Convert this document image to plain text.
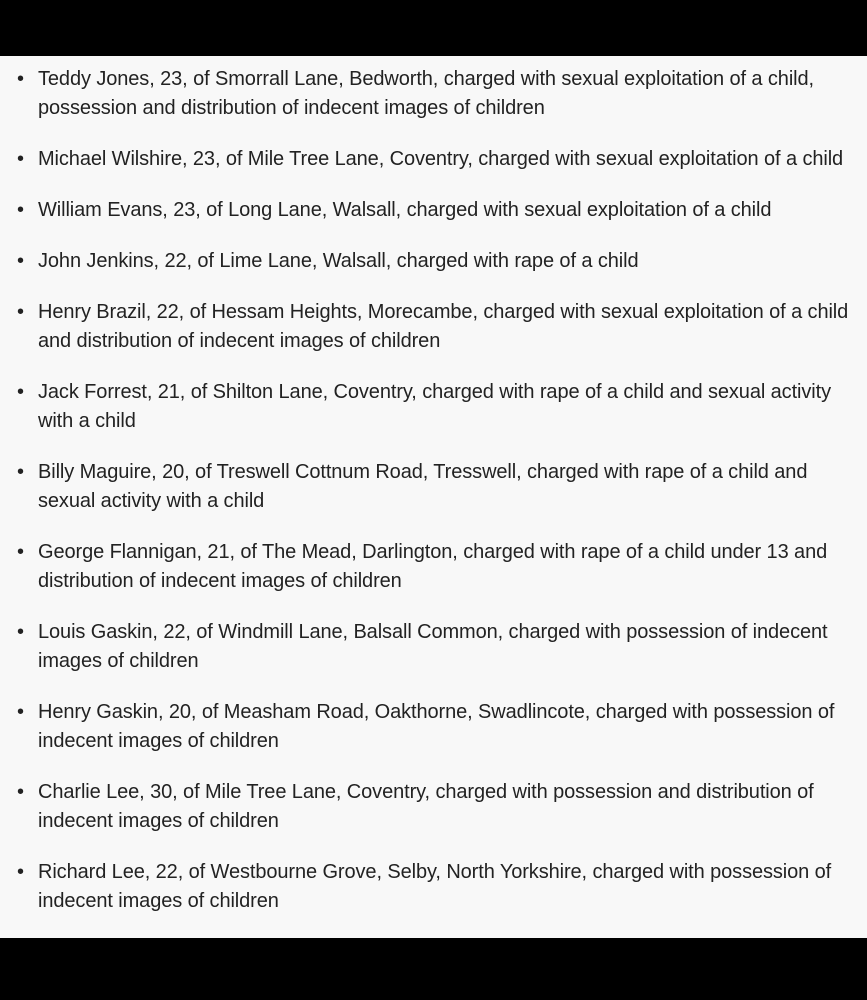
• Teddy Jones, 23, of Smorrall Lane, Bedworth, charged with sexual exploitation of a child, possession and distribution of indecent images of children
• Michael Wilshire, 23, of Mile Tree Lane, Coventry, charged with sexual exploitation of a child
• William Evans, 23, of Long Lane, Walsall, charged with sexual exploitation of a child
• John Jenkins, 22, of Lime Lane, Walsall, charged with rape of a child
• Henry Brazil, 22, of Hessam Heights, Morecambe, charged with sexual exploitation of a child and distribution of indecent images of children
• Jack Forrest, 21, of Shilton Lane, Coventry, charged with rape of a child and sexual activity with a child
• Billy Maguire, 20, of Treswell Cottnum Road, Tresswell, charged with rape of a child and sexual activity with a child
• George Flannigan, 21, of The Mead, Darlington, charged with rape of a child under 13 and distribution of indecent images of children
• Louis Gaskin, 22, of Windmill Lane, Balsall Common, charged with possession of indecent images of children
• Henry Gaskin, 20, of Measham Road, Oakthorne, Swadlincote, charged with possession of indecent images of children
• Charlie Lee, 30, of Mile Tree Lane, Coventry, charged with possession and distribution of indecent images of children
• Richard Lee, 22, of Westbourne Grove, Selby, North Yorkshire, charged with possession of indecent images of children
